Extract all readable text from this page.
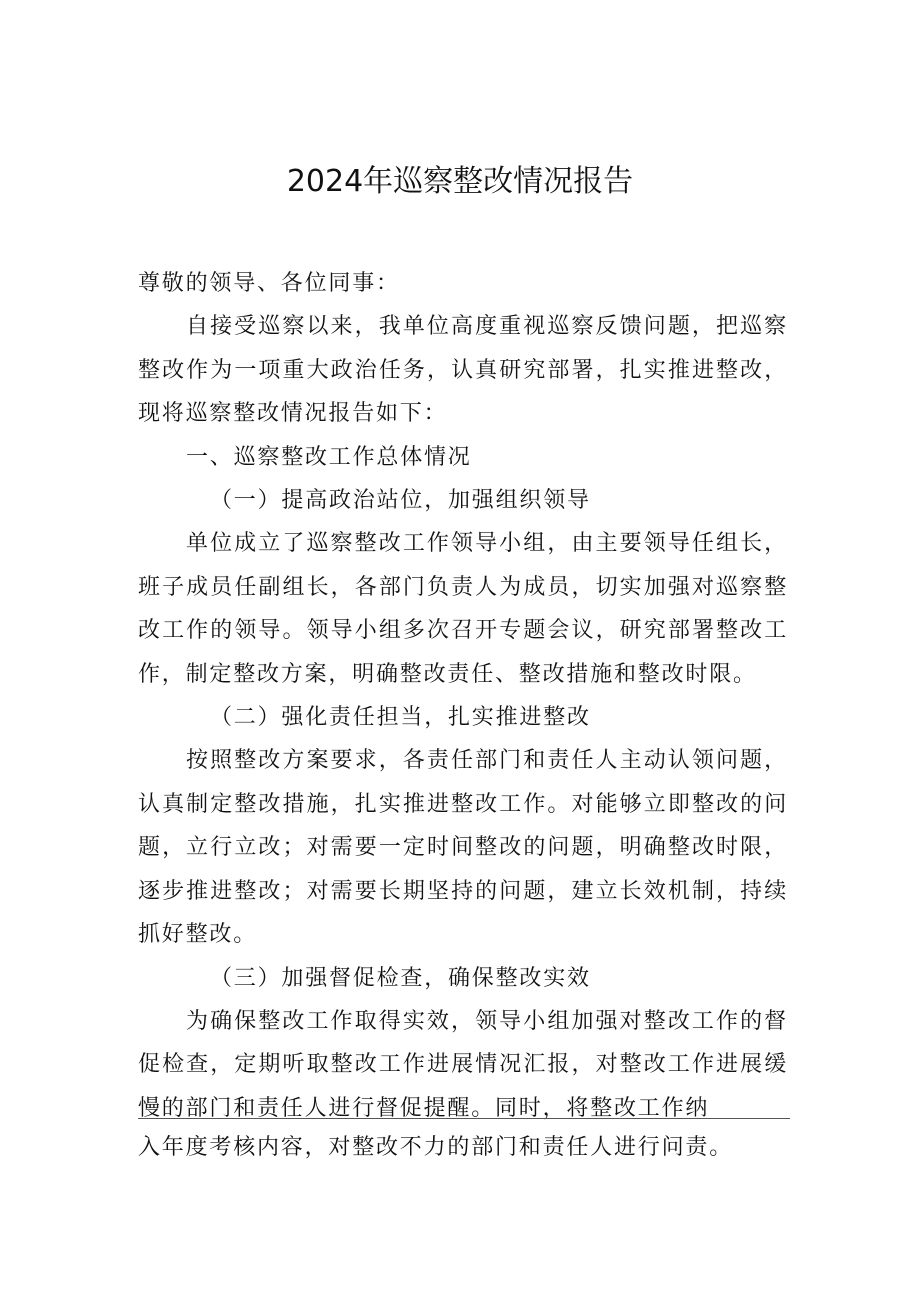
2024年巡察整改情况报告

尊敬的领导、各位同事：

自接受巡察以来，我单位高度重视巡察反馈问题，把巡察整改作为一项重大政治任务，认真研究部署，扎实推进整改，现将巡察整改情况报告如下：

一、巡察整改工作总体情况

（一）提高政治站位，加强组织领导

单位成立了巡察整改工作领导小组，由主要领导任组长，班子成员任副组长，各部门负责人为成员，切实加强对巡察整改工作的领导。领导小组多次召开专题会议，研究部署整改工作，制定整改方案，明确整改责任、整改措施和整改时限。

（二）强化责任担当，扎实推进整改

按照整改方案要求，各责任部门和责任人主动认领问题，认真制定整改措施，扎实推进整改工作。对能够立即整改的问题，立行立改；对需要一定时间整改的问题，明确整改时限，逐步推进整改；对需要长期坚持的问题，建立长效机制，持续抓好整改。

（三）加强督促检查，确保整改实效

为确保整改工作取得实效，领导小组加强对整改工作的督促检查，定期听取整改工作进展情况汇报，对整改工作进展缓慢的部门和责任人进行督促提醒。同时，将整改工作纳

入年度考核内容，对整改不力的部门和责任人进行问责。
